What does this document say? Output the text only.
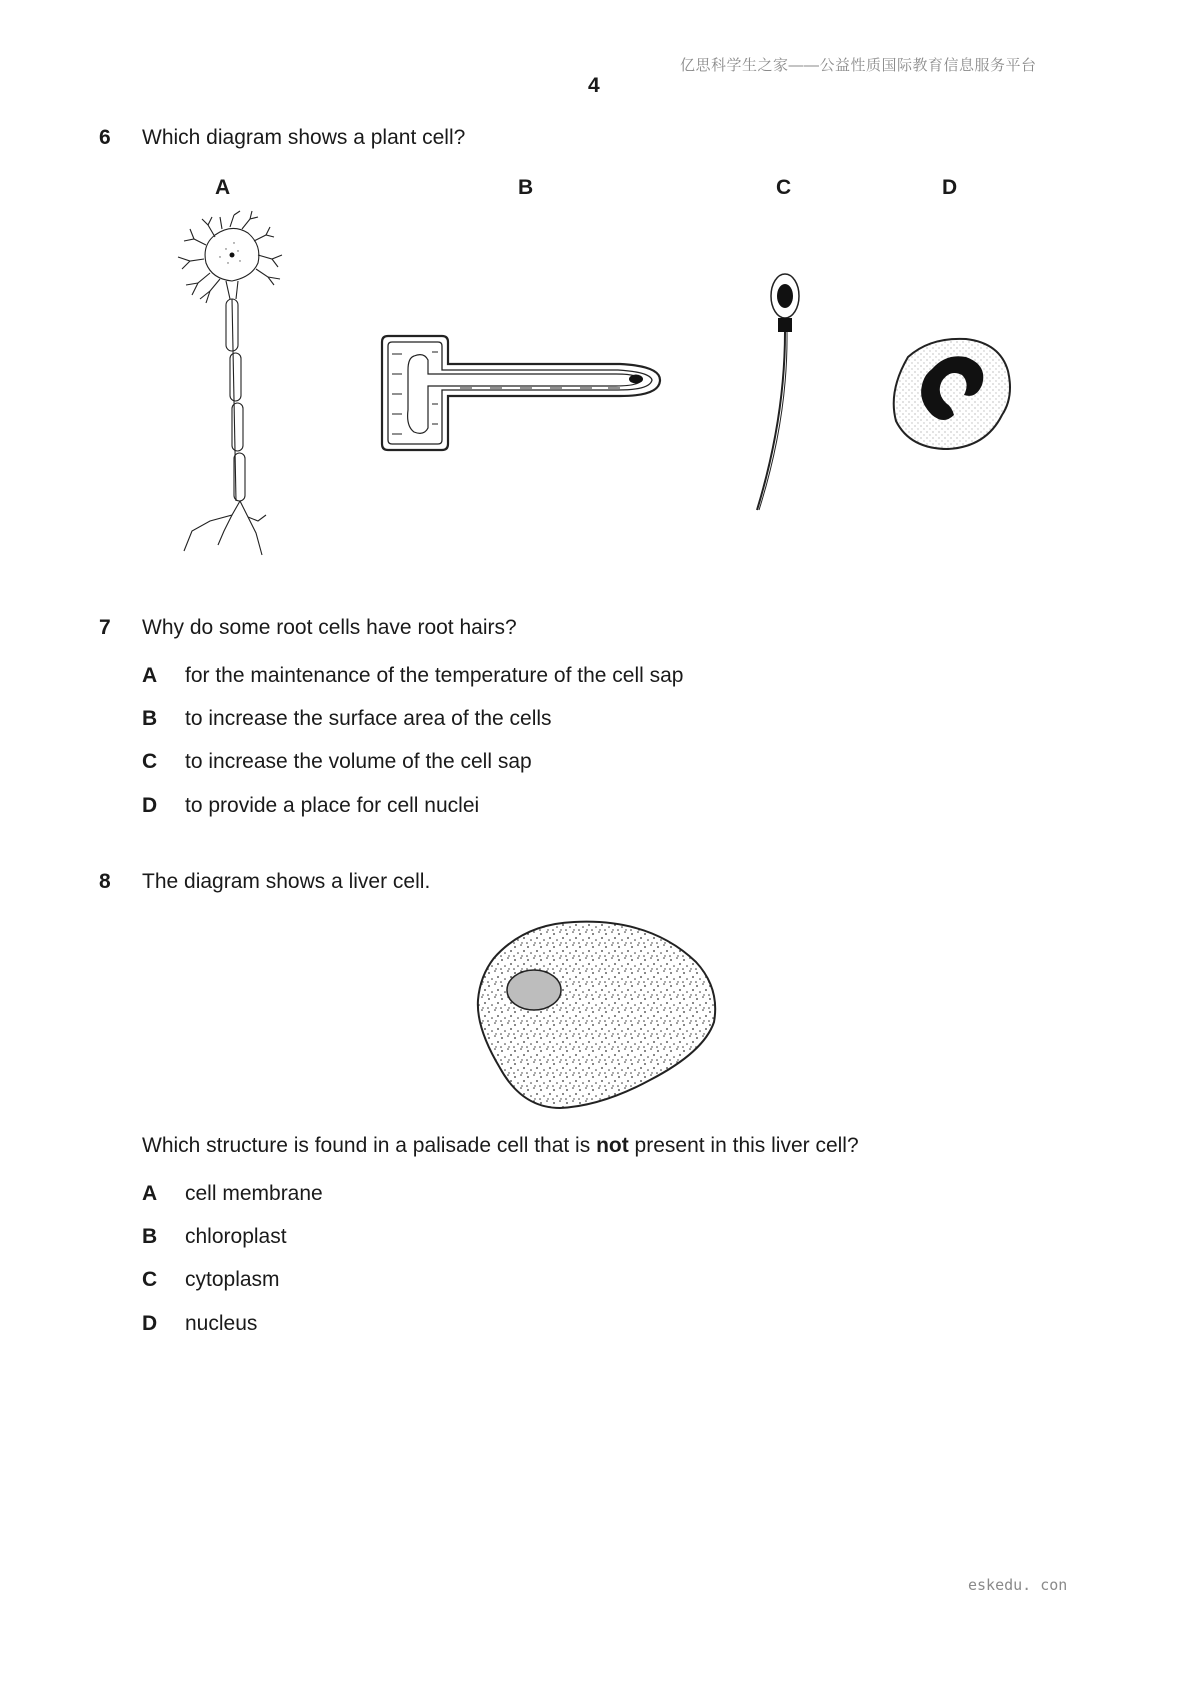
亿思科学生之家——公益性质国际教育信息服务平台
4
6 Which diagram shows a plant cell?
A	B	C	D
7 Why do some root cells have root hairs?
A for the maintenance of the temperature of the cell sap
B to increase the surface area of the cells
C to increase the volume of the cell sap
D to provide a place for cell nuclei
8 The diagram shows a liver cell.
Which structure is found in a palisade cell that is not present in this liver cell?
A cell membrane
B chloroplast
C cytoplasm
D nucleus
eskedu. con
